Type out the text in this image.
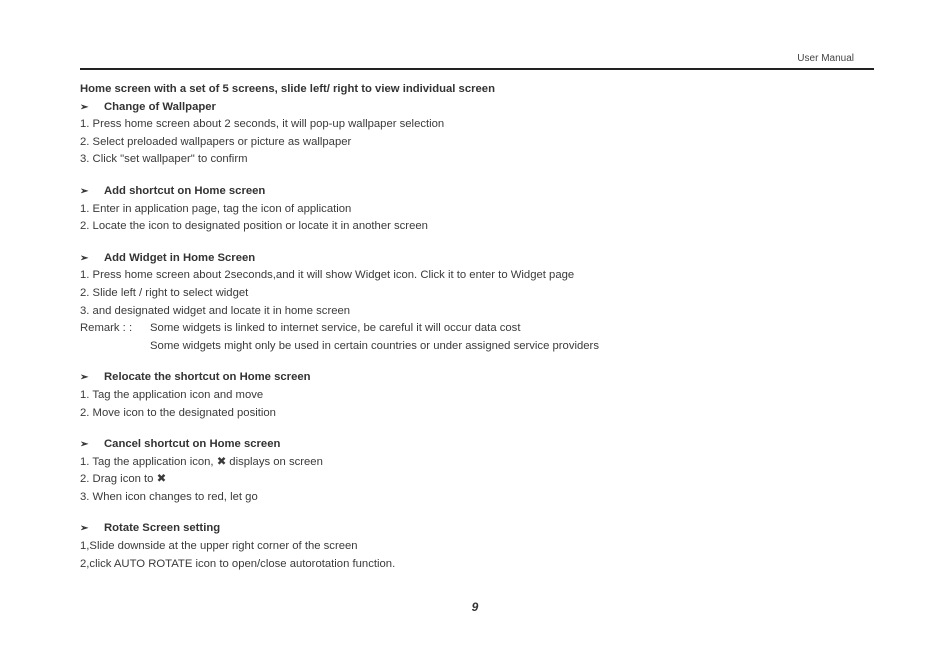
User Manual
Home screen with a set of 5 screens, slide left/ right to view individual screen
➢	Change of Wallpaper
1. Press home screen about 2 seconds, it will pop-up wallpaper selection
2. Select preloaded wallpapers or picture as wallpaper
3. Click "set wallpaper" to confirm
➢	Add shortcut on Home screen
1. Enter in application page, tag the icon of application
2. Locate the icon to designated position or locate it in another screen
➢	Add Widget in Home Screen
1. Press home screen about 2seconds,and it will show Widget icon. Click it to enter to Widget page
2. Slide left / right to select widget
3. and designated widget and locate it in home screen
Remark : :	Some widgets is linked to internet service, be careful it will occur data cost
Some widgets might only be used in certain countries or under assigned service providers
➢	Relocate the shortcut on Home screen
1. Tag the application icon and move
2. Move icon to the designated position
➢	Cancel shortcut on Home screen
1. Tag the application icon, ✖ displays on screen
2. Drag icon to ✖
3. When icon changes to red, let go
➢	Rotate Screen setting
1,Slide downside at the upper right corner of the screen
2,click AUTO ROTATE icon to open/close autorotation function.
9
